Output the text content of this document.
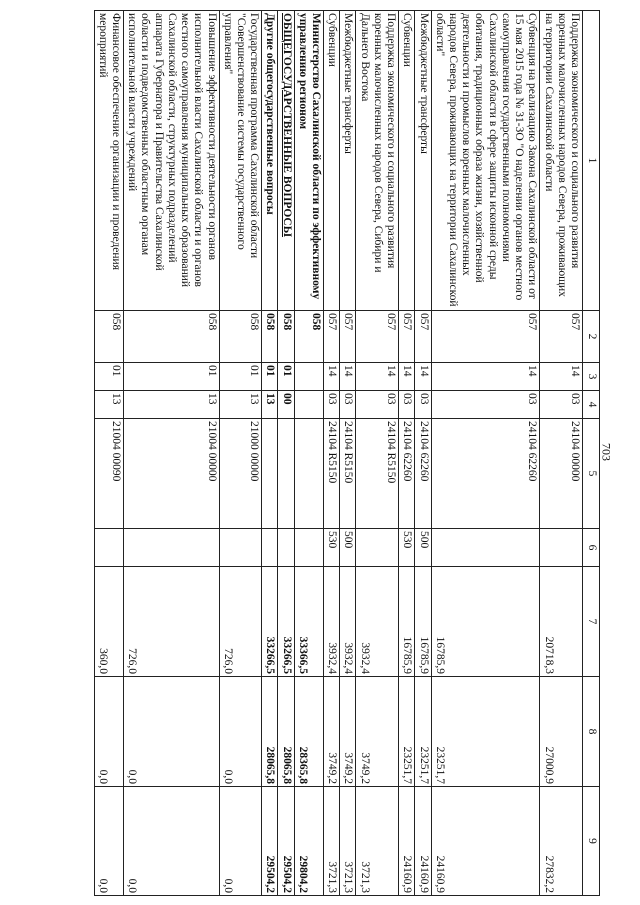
703
1	2	3	4	5	6	7	8	9
Поддержка экономического и социального развития коренных малочисленных народов Севера, проживающих на территории Сахалинской области	057	14	03	24104 00000		20718,3	27000,9	27832,2
Субвенция на реализацию Закона Сахалинской области от 15 мая 2015 года № 31-ЗО "О наделении органов местного самоуправления государственными полномочиями Сахалинской области в сфере защиты исконной среды обитания, традиционных образа жизни, хозяйственной деятельности и промыслов коренных малочисленных народов Севера, проживающих на территории Сахалинской области"	057	14	03	24104 62260		16785,9	23251,7	24160,9
Межбюджетные трансферты	057	14	03	24104 62260	500	16785,9	23251,7	24160,9
Субвенции	057	14	03	24104 62260	530	16785,9	23251,7	24160,9
Поддержка экономического и социального развития коренных малочисленных народов Севера, Сибири и Дальнего Востока	057	14	03	24104 R5150		3932,4	3749,2	3721,3
Межбюджетные трансферты	057	14	03	24104 R5150	500	3932,4	3749,2	3721,3
Субвенции	057	14	03	24104 R5150	530	3932,4	3749,2	3721,3
Министерство Сахалинской области по эффективному управлению регионом	058					33366,5	28365,8	29804,2
ОБЩЕГОСУДАРСТВЕННЫЕ ВОПРОСЫ	058	01	00			33266,5	28065,8	29504,2
Другие общегосударственные вопросы	058	01	13			33266,5	28065,8	29504,2
Государственная программа Сахалинской области "Совершенствование системы государственного управления"	058	01	13	21000 00000		726,0	0,0	0,0
Повышение эффективности деятельности органов исполнительной власти Сахалинской области и органов местного самоуправления муниципальных образований Сахалинской области, структурных подразделений аппарата Губернатора и Правительства Сахалинской области и подведомственных областным органам исполнительной власти учреждений	058	01	13	21004 00000		726,0	0,0	0,0
Финансовое обеспечение организации и проведения мероприятий	058	01	13	21004 00090		360,0	0,0	0,0
